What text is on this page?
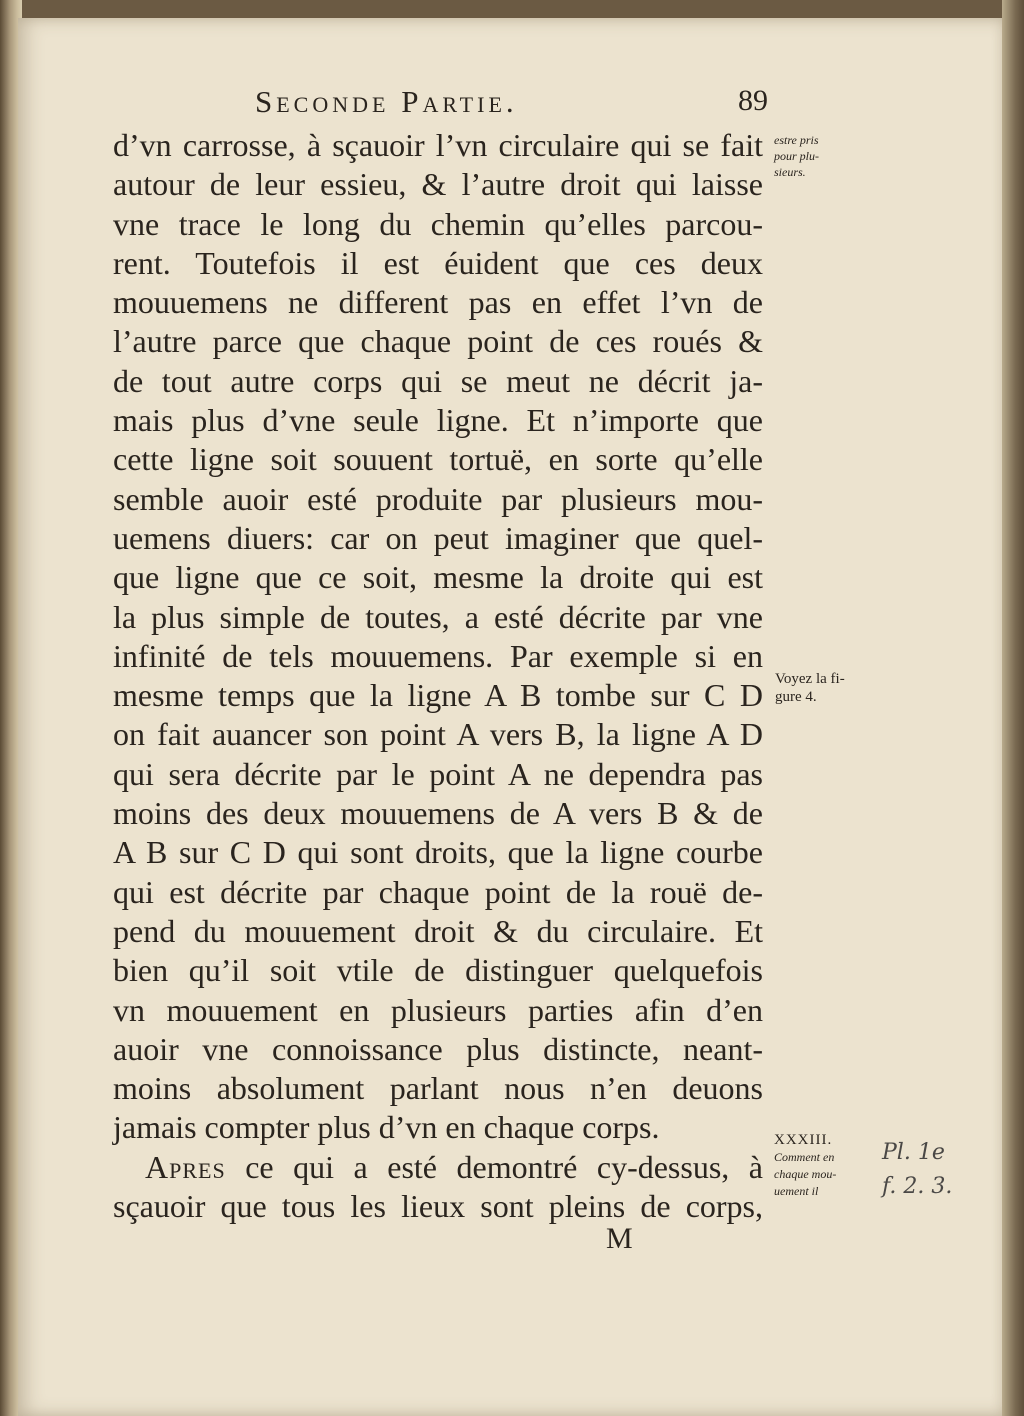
Seconde Partie.	89
d’vn carrosse, à sçauoir l’vn circulaire qui se fait
autour de leur essieu, & l’autre droit qui laisse
vne trace le long du chemin qu’elles parcou-
rent. Toutefois il est éuident que ces deux
mouuemens ne different pas en effet l’vn de
l’autre parce que chaque point de ces roués &
de tout autre corps qui se meut ne décrit ja-
mais plus d’vne seule ligne. Et n’importe que
cette ligne soit souuent tortuë, en sorte qu’elle
semble auoir esté produite par plusieurs mou-
uemens diuers: car on peut imaginer que quel-
que ligne que ce soit, mesme la droite qui est
la plus simple de toutes, a esté décrite par vne
infinité de tels mouuemens. Par exemple si en
mesme temps que la ligne A B tombe sur C D
on fait auancer son point A vers B, la ligne A D
qui sera décrite par le point A ne dependra pas
moins des deux mouuemens de A vers B & de
A B sur C D qui sont droits, que la ligne courbe
qui est décrite par chaque point de la rouë de-
pend du mouuement droit & du circulaire. Et
bien qu’il soit vtile de distinguer quelquefois
vn mouuement en plusieurs parties afin d’en
auoir vne connoissance plus distincte, neant-
moins absolument parlant nous n’en deuons
jamais compter plus d’vn en chaque corps.
Apres ce qui a esté demontré cy-dessus, à
sçauoir que tous les lieux sont pleins de corps,
M
estre pris
pour plu-
sieurs.
Voyez la fi-
gure 4.
XXXIII.
Comment en
chaque mou-
uement il
Pl. 1e
f. 2. 3.
